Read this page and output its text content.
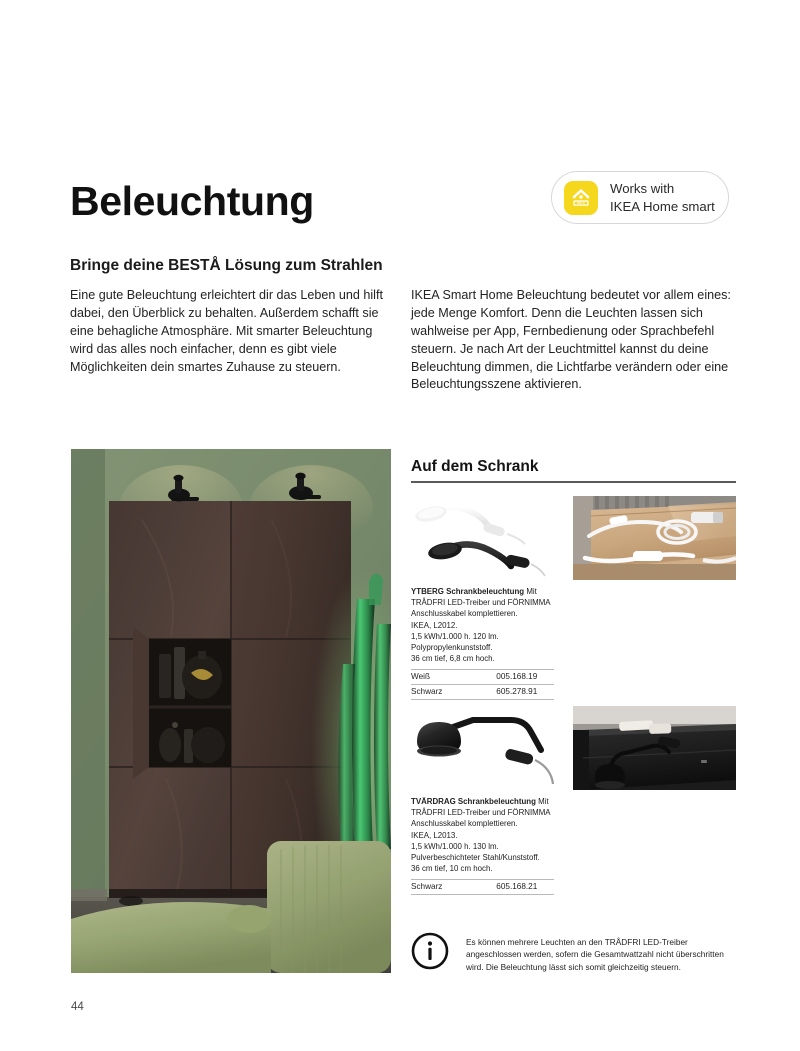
Beleuchtung
Bringe deine BESTÅ Lösung zum Strahlen
IKEA
Works with
IKEA Home smart
Eine gute Beleuchtung erleichtert dir das Leben und hilft dabei, den Überblick zu behalten. Außerdem schafft sie eine behagliche Atmosphäre. Mit smarter Beleuchtung wird das alles noch einfacher, denn es gibt viele Möglichkeiten dein smartes Zuhause zu steuern.
IKEA Smart Home Beleuchtung bedeutet vor allem eines: jede Menge Komfort. Denn die Leuchten lassen sich wahlweise per App, Fernbedienung oder Sprachbefehl steuern. Je nach Art der Leuchtmittel kannst du deine Beleuchtung dimmen, die Lichtfarbe verändern oder eine Beleuchtungsszene aktivieren.
Auf dem Schrank
YTBERG Schrankbeleuchtung Mit TRÅDFRI LED-Treiber und FÖRNIMMA Anschlusskabel komplettieren.
IKEA, L2012.
1,5 kWh/1.000 h. 120 lm.
Polypropylenkunststoff.
36 cm tief, 6,8 cm hoch.
Weiß	005.168.19
Schwarz	605.278.91
TVÄRDRAG Schrankbeleuchtung Mit TRÅDFRI LED-Treiber und FÖRNIMMA Anschlusskabel komplettieren.
IKEA, L2013.
1,5 kWh/1.000 h. 130 lm.
Pulverbeschichteter Stahl/Kunststoff.
36 cm tief, 10 cm hoch.
Schwarz	605.168.21
Es können mehrere Leuchten an den TRÅDFRI LED-Treiber angeschlossen werden, sofern die Gesamtwattzahl nicht überschritten wird. Die Beleuchtung lässt sich somit gleichzeitig steuern.
44
